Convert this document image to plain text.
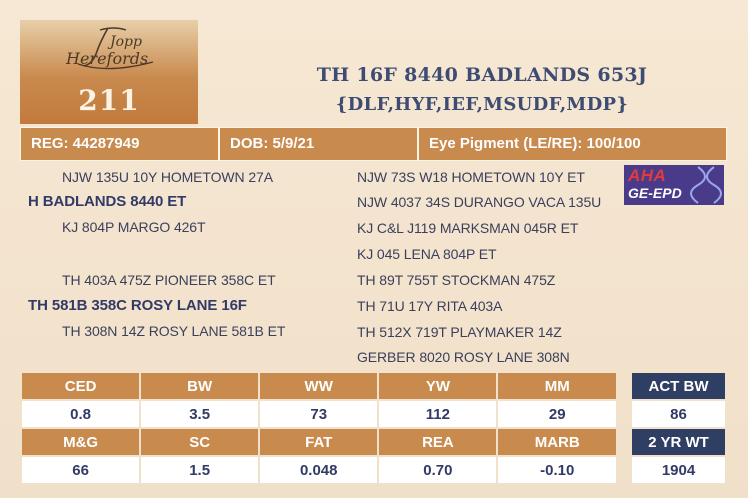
Jopp
Herefords
211
TH 16F 8440 BADLANDS 653J
{DLF,HYF,IEF,MSUDF,MDP}
REG: 44287949	DOB: 5/9/21	Eye Pigment (LE/RE): 100/100
NJW 135U 10Y HOMETOWN 27A
H BADLANDS 8440 ET
KJ 804P MARGO 426T
TH 403A 475Z PIONEER 358C ET
TH 581B 358C ROSY LANE 16F
TH 308N 14Z ROSY LANE 581B ET
NJW 73S W18 HOMETOWN 10Y ET
NJW 4037 34S DURANGO VACA 135U
KJ C&L J119 MARKSMAN 045R ET
KJ 045 LENA 804P ET
TH 89T 755T STOCKMAN 475Z
TH 71U 17Y RITA 403A
TH 512X 719T PLAYMAKER 14Z
GERBER 8020 ROSY LANE 308N
AHA
GE-EPD
CED	BW	WW	YW	MM
0.8	3.5	73	112	29
M&G	SC	FAT	REA	MARB
66	1.5	0.048	0.70	-0.10
ACT BW
86
2 YR WT
1904
